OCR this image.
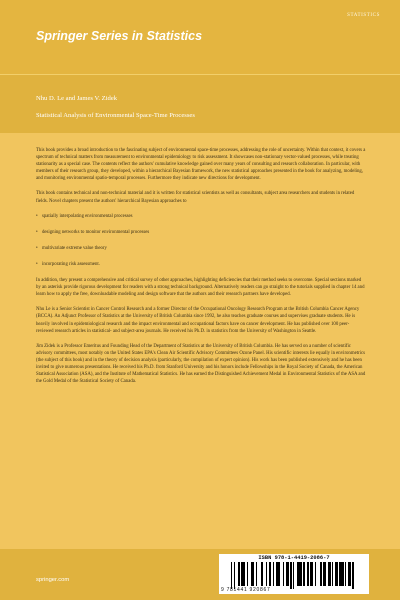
STATISTICS
Springer Series in Statistics
Nhu D. Le and James V. Zidek
Statistical Analysis of Environmental Space-Time Processes

This book provides a broad introduction to the fascinating subject of environmental space-time processes, addressing the role of uncertainty. Within that context, it covers a spectrum of technical matters from measurement to environmental epidemiology to risk assessment. It showcases non-stationary vector-valued processes, while treating stationarity as a special case. The contents reflect the authors' cumulative knowledge gained over many years of consulting and research collaboration. In particular, with members of their research group, they developed, within a hierarchical Bayesian framework, the new statistical approaches presented in the book for analyzing, modeling, and monitoring environmental spatio-temporal processes. Furthermore they indicate new directions for development.

This book contains technical and non-technical material and it is written for statistical scientists as well as consultants, subject area researchers and students in related fields. Novel chapters present the authors' hierarchical Bayesian approaches to

• spatially interpolating environmental processes
• designing networks to monitor environmental processes
• multivariate extreme value theory
• incorporating risk assessment.

In addition, they present a comprehensive and critical survey of other approaches, highlighting deficiencies that their method seeks to overcome. Special sections marked by an asterisk provide rigorous development for readers with a strong technical background. Alternatively readers can go straight to the tutorials supplied in chapter 14 and learn how to apply the free, downloadable modeling and design software that the authors and their research partners have developed.

Nhu Le is a Senior Scientist in Cancer Control Research and a former Director of the Occupational Oncology Research Program at the British Columbia Cancer Agency (BCCA). An Adjunct Professor of Statistics at the University of British Columbia since 1992, he also teaches graduate courses and supervises graduate students. He is heavily involved in epidemiological research and the impact environmental and occupational factors have on cancer development. He has published over 100 peer-reviewed research articles in statistical- and subject-area journals. He received his Ph.D. in statistics from the University of Washington in Seattle.

Jim Zidek is a Professor Emeritus and Founding Head of the Department of Statistics at the University of British Columbia. He has served on a number of scientific advisory committees, most notably on the United States EPA's Clean Air Scientific Advisory Committees Ozone Panel. His scientific interests lie equally in environmetrics (the subject of this book) and in the theory of decision analysis (particularly, the compilation of expert opinion). His work has been published extensively and he has been invited to give numerous presentations. He received his Ph.D. from Stanford University and his honors include Fellowships in the Royal Society of Canada, the American Statistical Association (ASA), and the Institute of Mathematical Statistics. He has earned the Distinguished Achievement Medal in Environmental Statistics of the ASA and the Gold Medal of the Statistical Society of Canada.

springer.com
ISBN 978-1-4419-2086-7
9 781441 920867
